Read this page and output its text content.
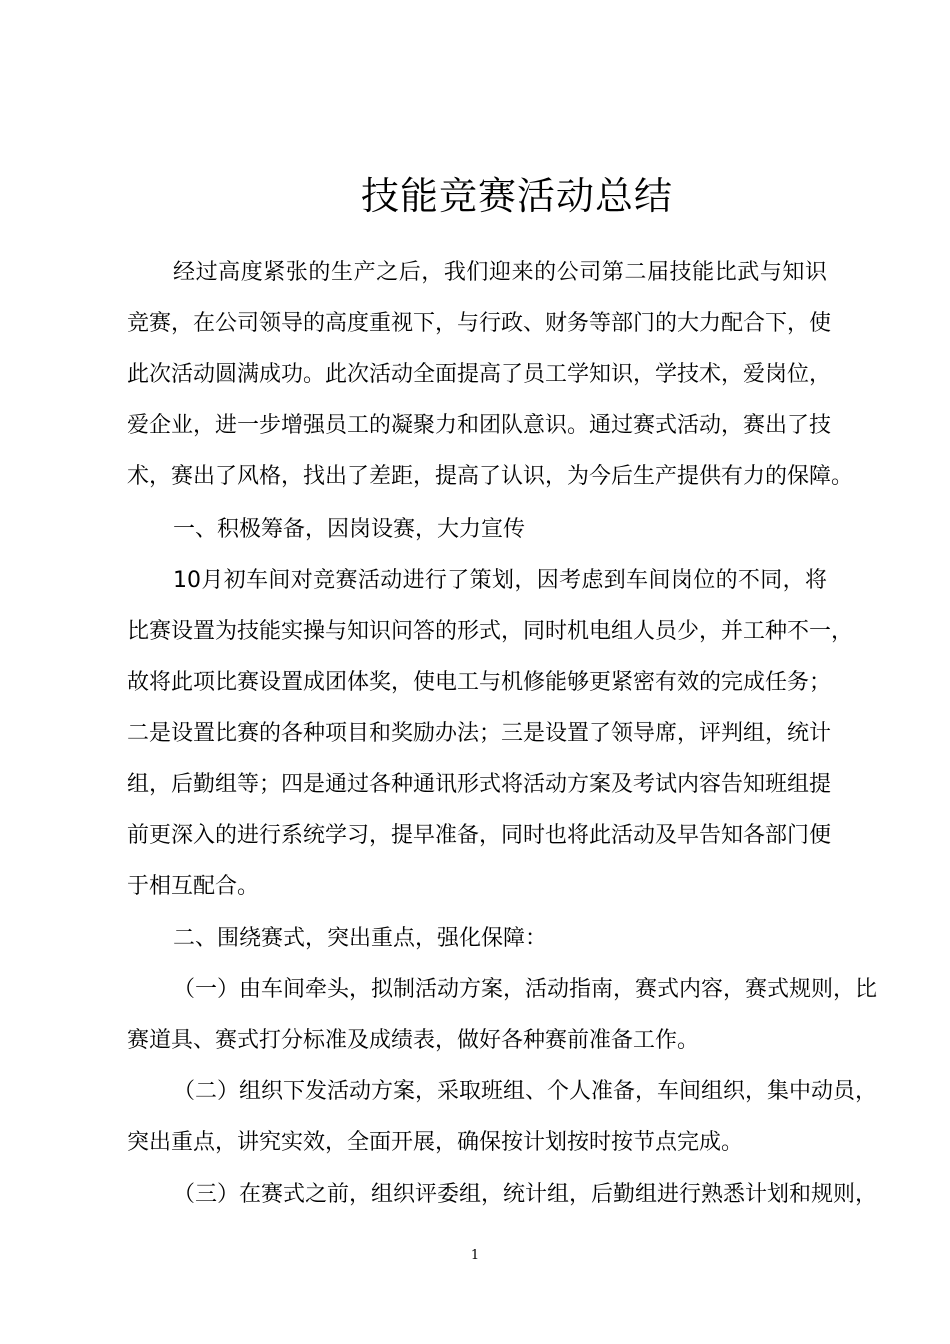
技能竞赛活动总结
经过高度紧张的生产之后，我们迎来的公司第二届技能比武与知识
竞赛，在公司领导的高度重视下，与行政、财务等部门的大力配合下，使
此次活动圆满成功。此次活动全面提高了员工学知识，学技术，爱岗位，
爱企业，进一步增强员工的凝聚力和团队意识。通过赛式活动，赛出了技
术，赛出了风格，找出了差距，提高了认识，为今后生产提供有力的保障。
一、积极筹备，因岗设赛，大力宣传
10月初车间对竞赛活动进行了策划，因考虑到车间岗位的不同，将
比赛设置为技能实操与知识问答的形式，同时机电组人员少，并工种不一，
故将此项比赛设置成团体奖，使电工与机修能够更紧密有效的完成任务；
二是设置比赛的各种项目和奖励办法；三是设置了领导席，评判组，统计
组，后勤组等；四是通过各种通讯形式将活动方案及考试内容告知班组提
前更深入的进行系统学习，提早准备，同时也将此活动及早告知各部门便
于相互配合。
二、围绕赛式，突出重点，强化保障：
（一）由车间牵头，拟制活动方案，活动指南，赛式内容，赛式规则，比
赛道具、赛式打分标准及成绩表，做好各种赛前准备工作。
（二）组织下发活动方案，采取班组、个人准备，车间组织，集中动员，
突出重点，讲究实效，全面开展，确保按计划按时按节点完成。
（三）在赛式之前，组织评委组，统计组，后勤组进行熟悉计划和规则，
1
